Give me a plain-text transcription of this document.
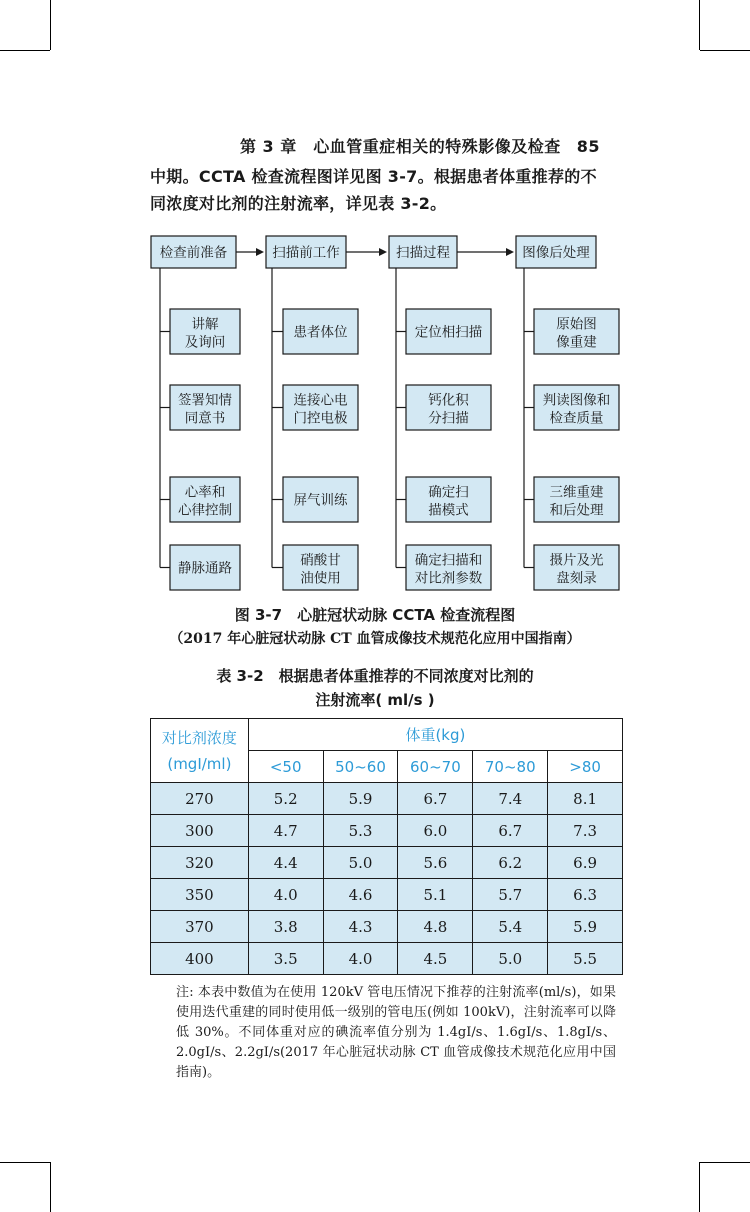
第 3 章　心血管重症相关的特殊影像及检查 85
中期。CCTA 检查流程图详见图 3-7。根据患者体重推荐的不同浓度对比剂的注射流率，详见表 3-2。
检查前准备
讲解
及询问
签署知情
同意书
心率和
心律控制
静脉通路
扫描前工作
患者体位
连接心电
门控电极
屏气训练
硝酸甘
油使用
扫描过程
定位相扫描
钙化积
分扫描
确定扫
描模式
确定扫描和
对比剂参数
图像后处理
原始图
像重建
判读图像和
检查质量
三维重建
和后处理
摄片及光
盘刻录
图 3-7　心脏冠状动脉 CCTA 检查流程图
（2017 年心脏冠状动脉 CT 血管成像技术规范化应用中国指南）
表 3-2　根据患者体重推荐的不同浓度对比剂的
注射流率( ml/s )
对比剂浓度
(mgI/ml)	体重(kg)				
	<50	50~60	60~70	70~80	>80
270	5.2	5.9	6.7	7.4	8.1
300	4.7	5.3	6.0	6.7	7.3
320	4.4	5.0	5.6	6.2	6.9
350	4.0	4.6	5.1	5.7	6.3
370	3.8	4.3	4.8	5.4	5.9
400	3.5	4.0	4.5	5.0	5.5
注: 本表中数值为在使用 120kV 管电压情况下推荐的注射流率(ml/s)，如果使用迭代重建的同时使用低一级别的管电压(例如 100kV)，注射流率可以降低 30%。不同体重对应的碘流率值分别为 1.4gI/s、1.6gI/s、1.8gI/s、2.0gI/s、2.2gI/s(2017 年心脏冠状动脉 CT 血管成像技术规范化应用中国指南)。
